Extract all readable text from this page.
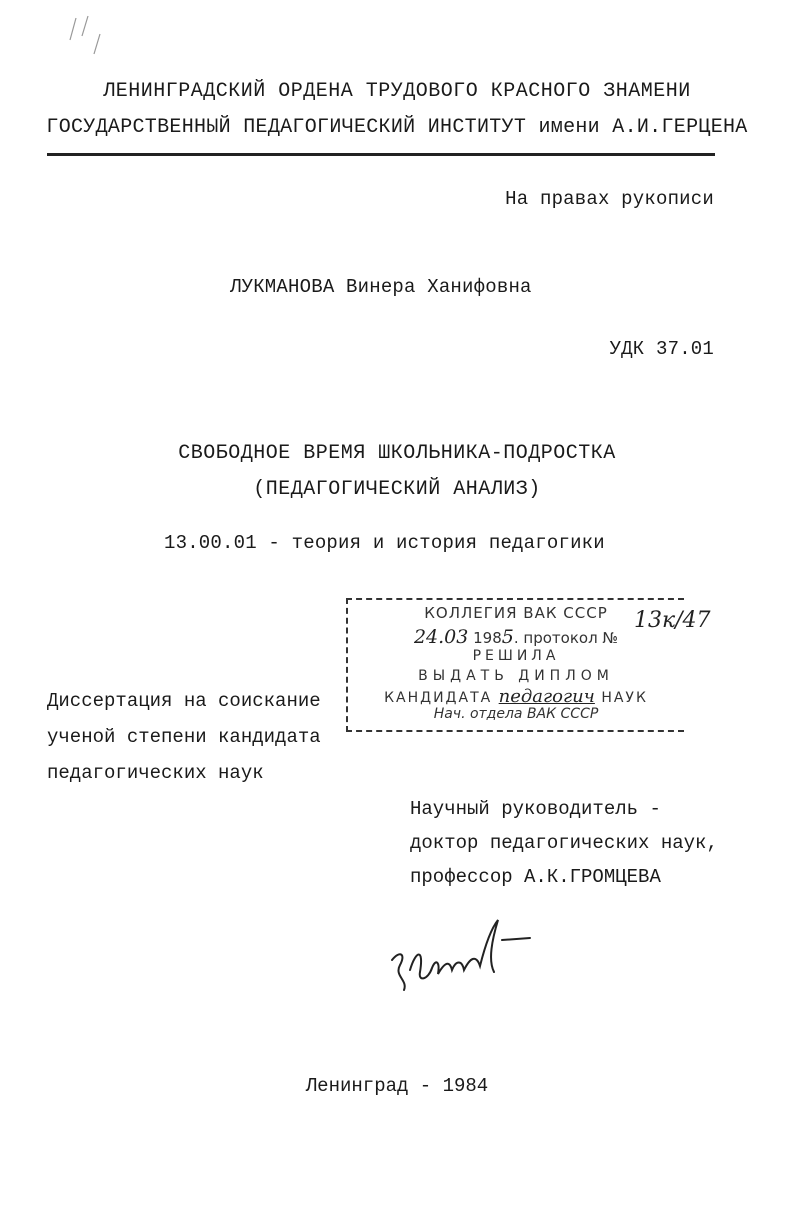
ЛЕНИНГРАДСКИЙ ОРДЕНА ТРУДОВОГО КРАСНОГО ЗНАМЕНИ
ГОСУДАРСТВЕННЫЙ ПЕДАГОГИЧЕСКИЙ ИНСТИТУТ имени А.И.ГЕРЦЕНА
На правах рукописи
ЛУКМАНОВА Винера Ханифовна
УДК 37.01
СВОБОДНОЕ ВРЕМЯ ШКОЛЬНИКА-ПОДРОСТКА
(ПЕДАГОГИЧЕСКИЙ АНАЛИЗ)
13.00.01 - теория и история педагогики
КОЛЛЕГИЯ ВАК СССР
24.03 1985. протокол №
РЕШИЛА
ВЫДАТЬ ДИПЛОМ
КАНДИДАТА педагогич НАУК
Нач. отдела ВАК СССР
13к/47
Диссертация на соискание
ученой степени кандидата
педагогических наук
Научный руководитель -
доктор педагогических наук,
профессор А.К.ГРОМЦЕВА
Ленинград - 1984
